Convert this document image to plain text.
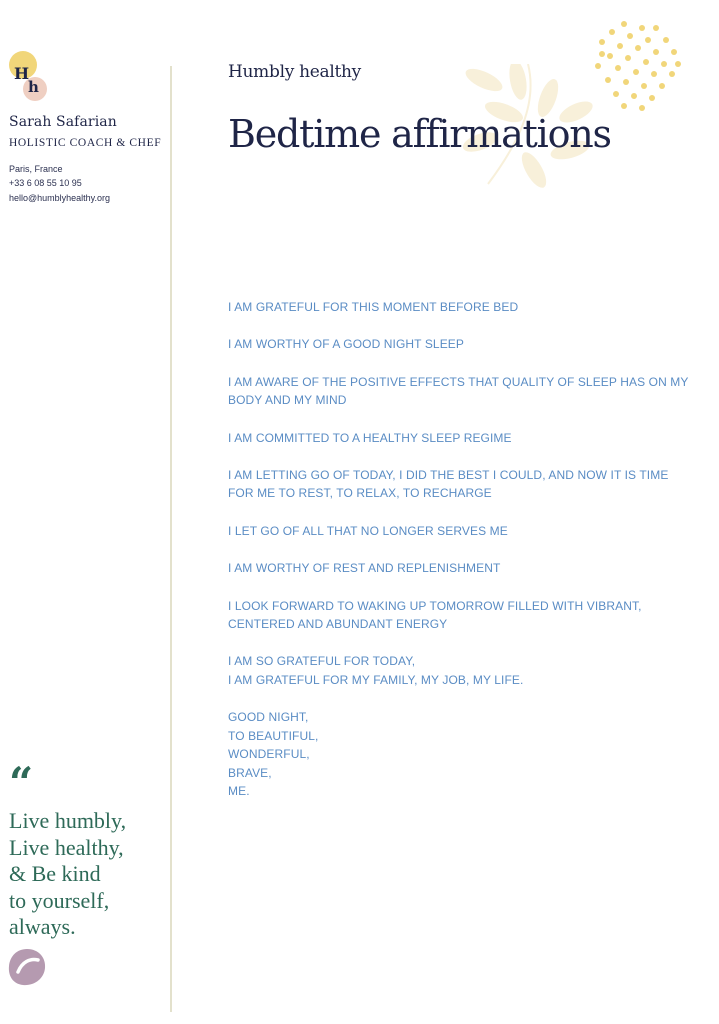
H
h
Sarah Safarian
HOLISTIC COACH & CHEF
Paris, France
+33 6 08 55 10 95
hello@humblyhealthy.org
“
Live humbly,
Live healthy,
& Be kind
to yourself,
always.
Humbly healthy
Bedtime affirmations
I AM GRATEFUL FOR THIS MOMENT BEFORE BED
I AM WORTHY OF A GOOD NIGHT SLEEP
I AM AWARE OF THE POSITIVE EFFECTS THAT QUALITY OF SLEEP HAS ON MY
BODY AND MY MIND
I AM COMMITTED TO A HEALTHY SLEEP REGIME
I AM LETTING GO OF TODAY, I DID THE BEST I COULD, AND NOW IT IS TIME
FOR ME TO REST, TO RELAX, TO RECHARGE
I LET GO OF ALL THAT NO LONGER SERVES ME
I AM WORTHY OF REST AND REPLENISHMENT
I LOOK FORWARD TO WAKING UP TOMORROW FILLED WITH VIBRANT,
CENTERED AND ABUNDANT ENERGY
I AM SO GRATEFUL FOR TODAY,
I AM GRATEFUL FOR MY FAMILY, MY JOB, MY LIFE.
GOOD NIGHT,
TO BEAUTIFUL,
WONDERFUL,
BRAVE,
ME.
